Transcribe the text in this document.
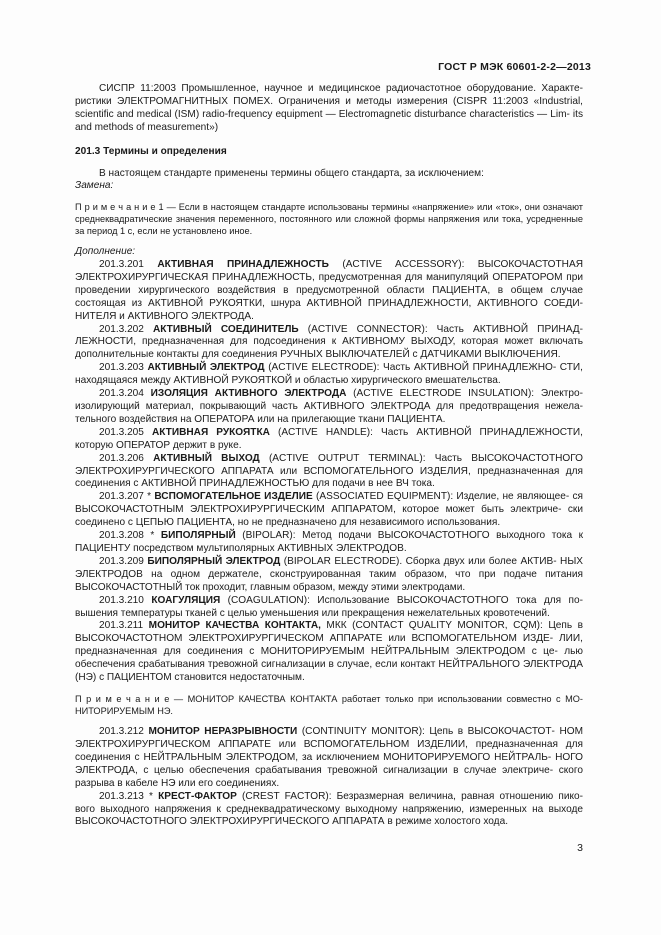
ГОСТ Р МЭК 60601-2-2—2013

СИСПР 11:2003 Промышленное, научное и медицинское радиочастотное оборудование. Характе- ристики ЭЛЕКТРОМАГНИТНЫХ ПОМЕХ. Ограничения и методы измерения (CISPR 11:2003 «Industrial, scientific and medical (ISM) radio-frequency equipment — Electromagnetic disturbance characteristics — Lim- its and methods of measurement»)

201.3 Термины и определения

В настоящем стандарте применены термины общего стандарта, за исключением:

Замена:

П р и м е ч а н и е 1 — Если в настоящем стандарте использованы термины «напряжение» или «ток», они означают среднеквадратические значения переменного, постоянного или сложной формы напряжения или тока, усредненные за период 1 с, если не установлено иное.

Дополнение:

201.3.201 АКТИВНАЯ ПРИНАДЛЕЖНОСТЬ (ACTIVE ACCESSORY): ВЫСОКОЧАСТОТНАЯ ЭЛЕКТРОХИРУРГИЧЕСКАЯ ПРИНАДЛЕЖНОСТЬ, предусмотренная для манипуляций ОПЕРАТОРОМ при проведении хирургического воздействия в предусмотренной области ПАЦИЕНТА, в общем случае состоящая из АКТИВНОЙ РУКОЯТКИ, шнура АКТИВНОЙ ПРИНАДЛЕЖНОСТИ, АКТИВНОГО СОЕДИ- НИТЕЛЯ и АКТИВНОГО ЭЛЕКТРОДА.

201.3.202 АКТИВНЫЙ СОЕДИНИТЕЛЬ (ACTIVE CONNECTOR): Часть АКТИВНОЙ ПРИНАД- ЛЕЖНОСТИ, предназначенная для подсоединения к АКТИВНОМУ ВЫХОДУ, которая может включать дополнительные контакты для соединения РУЧНЫХ ВЫКЛЮЧАТЕЛЕЙ с ДАТЧИКАМИ ВЫКЛЮЧЕНИЯ.

201.3.203 АКТИВНЫЙ ЭЛЕКТРОД (ACTIVE ELECTRODE): Часть АКТИВНОЙ ПРИНАДЛЕЖНО- СТИ, находящаяся между АКТИВНОЙ РУКОЯТКОЙ и областью хирургического вмешательства.

201.3.204 ИЗОЛЯЦИЯ АКТИВНОГО ЭЛЕКТРОДА (ACTIVE ELECTRODE INSULATION): Электро- изолирующий материал, покрывающий часть АКТИВНОГО ЭЛЕКТРОДА для предотвращения нежела- тельного воздействия на ОПЕРАТОРА или на прилегающие ткани ПАЦИЕНТА.

201.3.205 АКТИВНАЯ РУКОЯТКА (ACTIVE HANDLE): Часть АКТИВНОЙ ПРИНАДЛЕЖНОСТИ, которую ОПЕРАТОР держит в руке.

201.3.206 АКТИВНЫЙ ВЫХОД (ACTIVE OUTPUT TERMINAL): Часть ВЫСОКОЧАСТОТНОГО ЭЛЕКТРОХИРУРГИЧЕСКОГО АППАРАТА или ВСПОМОГАТЕЛЬНОГО ИЗДЕЛИЯ, предназначенная для соединения с АКТИВНОЙ ПРИНАДЛЕЖНОСТЬЮ для подачи в нее ВЧ тока.

201.3.207 * ВСПОМОГАТЕЛЬНОЕ ИЗДЕЛИЕ (ASSOCIATED EQUIPMENT): Изделие, не являющее- ся ВЫСОКОЧАСТОТНЫМ ЭЛЕКТРОХИРУРГИЧЕСКИМ АППАРАТОМ, которое может быть электриче- ски соединено с ЦЕПЬЮ ПАЦИЕНТА, но не предназначено для независимого использования.

201.3.208 * БИПОЛЯРНЫЙ (BIPOLAR): Метод подачи ВЫСОКОЧАСТОТНОГО выходного тока к ПАЦИЕНТУ посредством мультиполярных АКТИВНЫХ ЭЛЕКТРОДОВ.

201.3.209 БИПОЛЯРНЫЙ ЭЛЕКТРОД (BIPOLAR ELECTRODE). Сборка двух или более АКТИВ- НЫХ ЭЛЕКТРОДОВ на одном держателе, сконструированная таким образом, что при подаче питания ВЫСОКОЧАСТОТНЫЙ ток проходит, главным образом, между этими электродами.

201.3.210 КОАГУЛЯЦИЯ (COAGULATION): Использование ВЫСОКОЧАСТОТНОГО тока для по- вышения температуры тканей с целью уменьшения или прекращения нежелательных кровотечений.

201.3.211 МОНИТОР КАЧЕСТВА КОНТАКТА, МКК (CONTACT QUALITY MONITOR, CQM): Цепь в ВЫСОКОЧАСТОТНОМ ЭЛЕКТРОХИРУРГИЧЕСКОМ АППАРАТЕ или ВСПОМОГАТЕЛЬНОМ ИЗДЕ- ЛИИ, предназначенная для соединения с МОНИТОРИРУЕМЫМ НЕЙТРАЛЬНЫМ ЭЛЕКТРОДОМ с це- лью обеспечения срабатывания тревожной сигнализации в случае, если контакт НЕЙТРАЛЬНОГО ЭЛЕКТРОДА (НЭ) с ПАЦИЕНТОМ становится недостаточным.

П р и м е ч а н и е — МОНИТОР КАЧЕСТВА КОНТАКТА работает только при использовании совместно с МО- НИТОРИРУЕМЫМ НЭ.

201.3.212 МОНИТОР НЕРАЗРЫВНОСТИ (CONTINUITY MONITOR): Цепь в ВЫСОКОЧАСТОТ- НОМ ЭЛЕКТРОХИРУРГИЧЕСКОМ АППАРАТЕ или ВСПОМОГАТЕЛЬНОМ ИЗДЕЛИИ, предназначенная для соединения с НЕЙТРАЛЬНЫМ ЭЛЕКТРОДОМ, за исключением МОНИТОРИРУЕМОГО НЕЙТРАЛЬ- НОГО ЭЛЕКТРОДА, с целью обеспечения срабатывания тревожной сигнализации в случае электриче- ского разрыва в кабеле НЭ или его соединениях.

201.3.213 * КРЕСТ-ФАКТОР (CREST FACTOR): Безразмерная величина, равная отношению пико- вого выходного напряжения к среднеквадратическому выходному напряжению, измеренных на выходе ВЫСОКОЧАСТОТНОГО ЭЛЕКТРОХИРУРГИЧЕСКОГО АППАРАТА в режиме холостого хода.

3
